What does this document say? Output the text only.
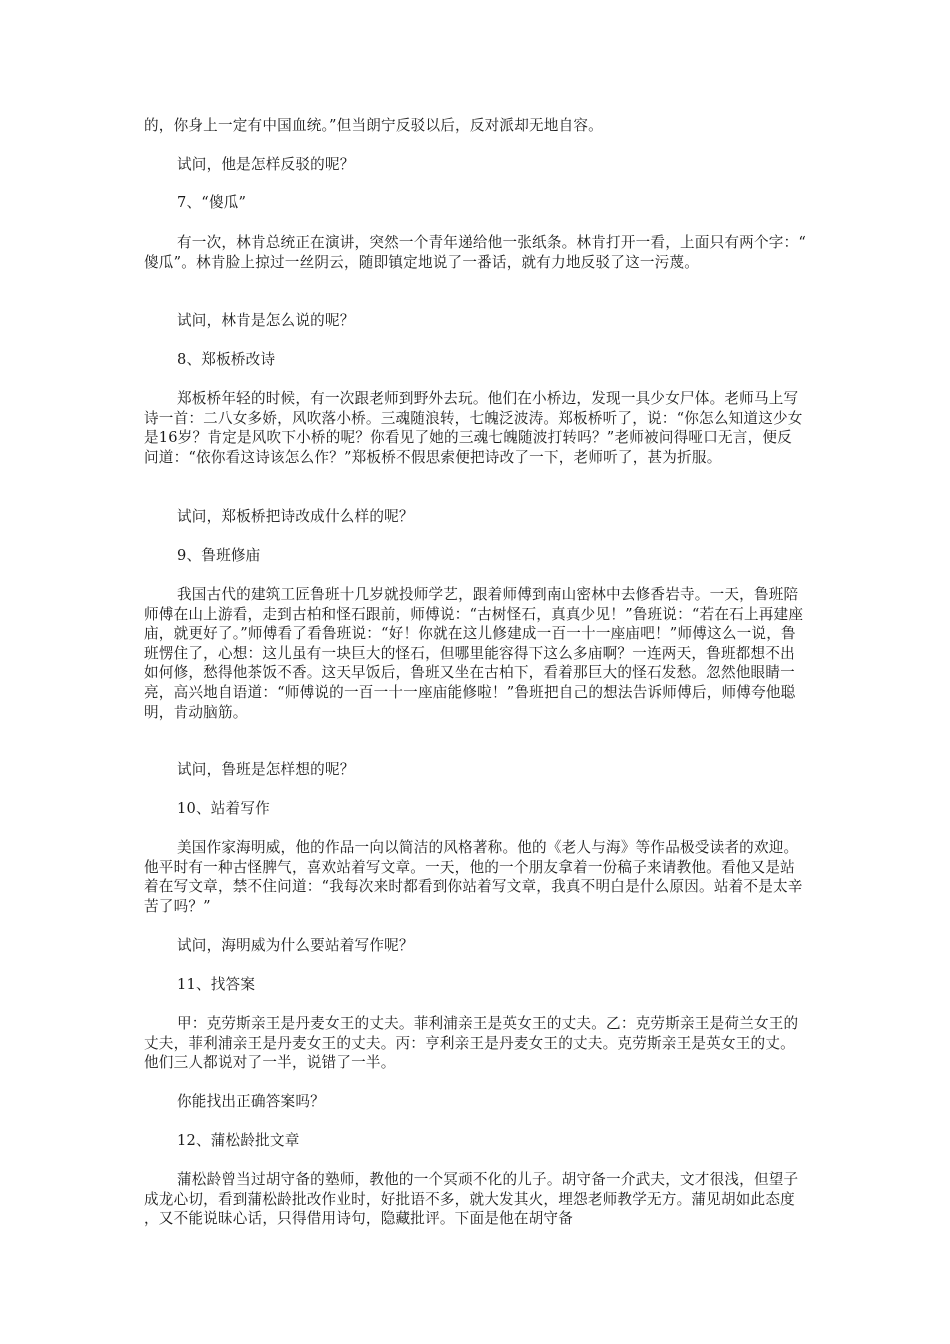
的，你身上一定有中国血统。”但当朗宁反驳以后，反对派却无地自容。

试问，他是怎样反驳的呢？

7、“傻瓜”

有一次，林肯总统正在演讲，突然一个青年递给他一张纸条。林肯打开一看，上面只有两个字：“傻瓜”。林肯脸上掠过一丝阴云，随即镇定地说了一番话，就有力地反驳了这一污蔑。

试问，林肯是怎么说的呢？

8、郑板桥改诗

郑板桥年轻的时候，有一次跟老师到野外去玩。他们在小桥边，发现一具少女尸体。老师马上写诗一首：二八女多娇，风吹落小桥。三魂随浪转，七魄泛波涛。郑板桥听了，说：“你怎么知道这少女是16岁？肯定是风吹下小桥的呢？你看见了她的三魂七魄随波打转吗？”老师被问得哑口无言，便反问道：“依你看这诗该怎么作？”郑板桥不假思索便把诗改了一下，老师听了，甚为折服。

试问，郑板桥把诗改成什么样的呢？

9、鲁班修庙

我国古代的建筑工匠鲁班十几岁就投师学艺，跟着师傅到南山密林中去修香岩寺。一天，鲁班陪师傅在山上游看，走到古柏和怪石跟前，师傅说：“古树怪石，真真少见！”鲁班说：“若在石上再建座庙，就更好了。”师傅看了看鲁班说：“好！你就在这儿修建成一百一十一座庙吧！”师傅这么一说，鲁班愣住了，心想：这儿虽有一块巨大的怪石，但哪里能容得下这么多庙啊？一连两天，鲁班都想不出如何修，愁得他茶饭不香。这天早饭后，鲁班又坐在古柏下，看着那巨大的怪石发愁。忽然他眼睛一亮，高兴地自语道：“师傅说的一百一十一座庙能修啦！”鲁班把自己的想法告诉师傅后，师傅夸他聪明，肯动脑筋。

试问，鲁班是怎样想的呢？

10、站着写作

美国作家海明威，他的作品一向以简洁的风格著称。他的《老人与海》等作品极受读者的欢迎。他平时有一种古怪脾气，喜欢站着写文章。一天，他的一个朋友拿着一份稿子来请教他。看他又是站着在写文章，禁不住问道：“我每次来时都看到你站着写文章，我真不明白是什么原因。站着不是太辛苦了吗？”

试问，海明威为什么要站着写作呢？

11、找答案

甲：克劳斯亲王是丹麦女王的丈夫。菲利浦亲王是英女王的丈夫。乙：克劳斯亲王是荷兰女王的丈夫，菲利浦亲王是丹麦女王的丈夫。丙：亨利亲王是丹麦女王的丈夫。克劳斯亲王是英女王的丈。他们三人都说对了一半，说错了一半。

你能找出正确答案吗？

12、蒲松龄批文章

蒲松龄曾当过胡守备的塾师，教他的一个冥顽不化的儿子。胡守备一介武夫，文才很浅，但望子成龙心切，看到蒲松龄批改作业时，好批语不多，就大发其火，埋怨老师教学无方。蒲见胡如此态度，又不能说昧心话，只得借用诗句，隐藏批评。下面是他在胡守备
